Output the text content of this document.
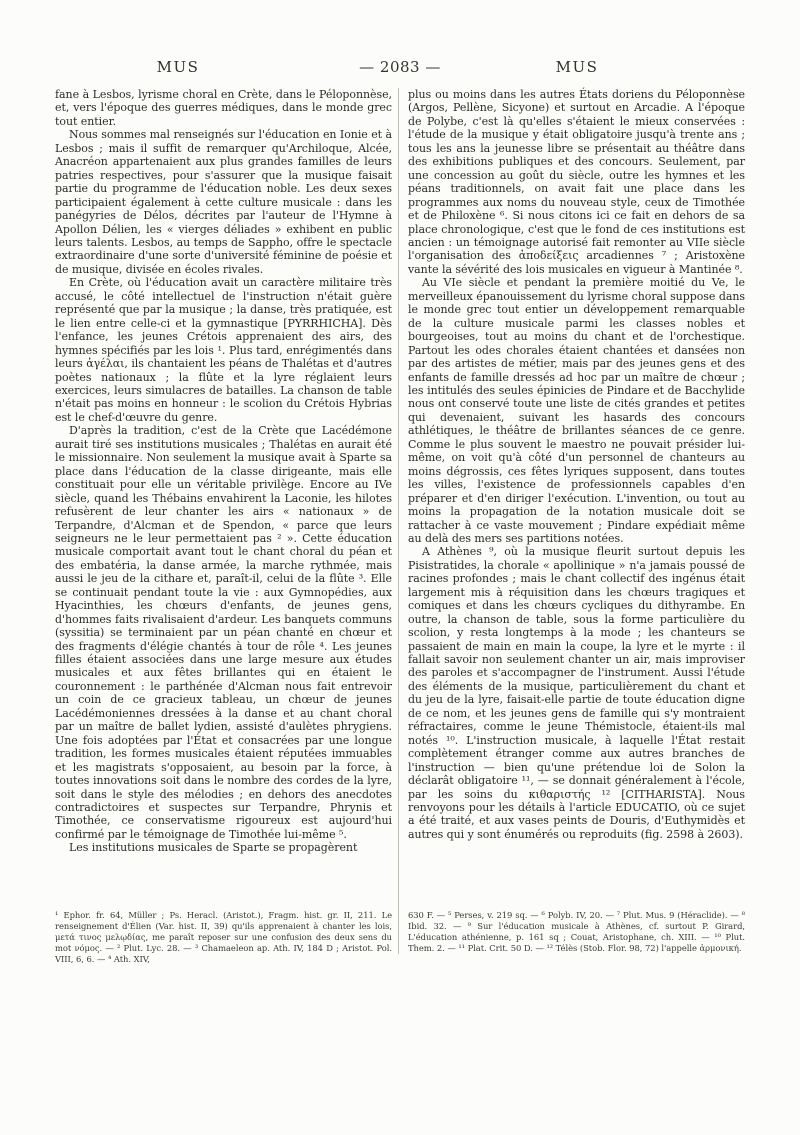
MUS	— 2083 —	MUS

fane à Lesbos, lyrisme choral en Crète, dans le Péloponnèse, et, vers l'époque des guerres médiques, dans le monde grec tout entier.

Nous sommes mal renseignés sur l'éducation en Ionie et à Lesbos ; mais il suffit de remarquer qu'Archiloque, Alcée, Anacréon appartenaient aux plus grandes familles de leurs patries respectives, pour s'assurer que la musique faisait partie du programme de l'éducation noble. Les deux sexes participaient également à cette culture musicale : dans les panégyries de Délos, décrites par l'auteur de l'Hymne à Apollon Délien, les « vierges déliades » exhibent en public leurs talents. Lesbos, au temps de Sappho, offre le spectacle extraordinaire d'une sorte d'université féminine de poésie et de musique, divisée en écoles rivales.

En Crète, où l'éducation avait un caractère militaire très accusé, le côté intellectuel de l'instruction n'était guère représenté que par la musique ; la danse, très pratiquée, est le lien entre celle-ci et la gymnastique [PYRRHICHA]. Dès l'enfance, les jeunes Crétois apprenaient des airs, des hymnes spécifiés par les lois ¹. Plus tard, enrégimentés dans leurs ἀγέλαι, ils chantaient les péans de Thalétas et d'autres poètes nationaux ; la flûte et la lyre réglaient leurs exercices, leurs simulacres de batailles. La chanson de table n'était pas moins en honneur : le scolion du Crétois Hybrias est le chef-d'œuvre du genre.

D'après la tradition, c'est de la Crète que Lacédémone aurait tiré ses institutions musicales ; Thalétas en aurait été le missionnaire. Non seulement la musique avait à Sparte sa place dans l'éducation de la classe dirigeante, mais elle constituait pour elle un véritable privilège. Encore au IVe siècle, quand les Thébains envahirent la Laconie, les hilotes refusèrent de leur chanter les airs « nationaux » de Terpandre, d'Alcman et de Spendon, « parce que leurs seigneurs ne le leur permettaient pas ² ». Cette éducation musicale comportait avant tout le chant choral du péan et des embatéria, la danse armée, la marche rythmée, mais aussi le jeu de la cithare et, paraît-il, celui de la flûte ³. Elle se continuait pendant toute la vie : aux Gymnopédies, aux Hyacinthies, les chœurs d'enfants, de jeunes gens, d'hommes faits rivalisaient d'ardeur. Les banquets communs (syssitia) se terminaient par un péan chanté en chœur et des fragments d'élégie chantés à tour de rôle ⁴. Les jeunes filles étaient associées dans une large mesure aux études musicales et aux fêtes brillantes qui en étaient le couronnement : le parthénée d'Alcman nous fait entrevoir un coin de ce gracieux tableau, un chœur de jeunes Lacédémoniennes dressées à la danse et au chant choral par un maître de ballet lydien, assisté d'aulètes phrygiens. Une fois adoptées par l'État et consacrées par une longue tradition, les formes musicales étaient réputées immuables et les magistrats s'opposaient, au besoin par la force, à toutes innovations soit dans le nombre des cordes de la lyre, soit dans le style des mélodies ; en dehors des anecdotes contradictoires et suspectes sur Terpandre, Phrynis et Timothée, ce conservatisme rigoureux est aujourd'hui confirmé par le témoignage de Timothée lui-même ⁵.

Les institutions musicales de Sparte se propagèrent

plus ou moins dans les autres États doriens du Péloponnèse (Argos, Pellène, Sicyone) et surtout en Arcadie. A l'époque de Polybe, c'est là qu'elles s'étaient le mieux conservées : l'étude de la musique y était obligatoire jusqu'à trente ans ; tous les ans la jeunesse libre se présentait au théâtre dans des exhibitions publiques et des concours. Seulement, par une concession au goût du siècle, outre les hymnes et les péans traditionnels, on avait fait une place dans les programmes aux noms du nouveau style, ceux de Timothée et de Philoxène ⁶. Si nous citons ici ce fait en dehors de sa place chronologique, c'est que le fond de ces institutions est ancien : un témoignage autorisé fait remonter au VIIe siècle l'organisation des ἀποδείξεις arcadiennes ⁷ ; Aristoxène vante la sévérité des lois musicales en vigueur à Mantinée ⁸.

Au VIe siècle et pendant la première moitié du Ve, le merveilleux épanouissement du lyrisme choral suppose dans le monde grec tout entier un développement remarquable de la culture musicale parmi les classes nobles et bourgeoises, tout au moins du chant et de l'orchestique. Partout les odes chorales étaient chantées et dansées non par des artistes de métier, mais par des jeunes gens et des enfants de famille dressés ad hoc par un maître de chœur ; les intitulés des seules épinicies de Pindare et de Bacchylide nous ont conservé toute une liste de cités grandes et petites qui devenaient, suivant les hasards des concours athlétiques, le théâtre de brillantes séances de ce genre. Comme le plus souvent le maestro ne pouvait présider lui-même, on voit qu'à côté d'un personnel de chanteurs au moins dégrossis, ces fêtes lyriques supposent, dans toutes les villes, l'existence de professionnels capables d'en préparer et d'en diriger l'exécution. L'invention, ou tout au moins la propagation de la notation musicale doit se rattacher à ce vaste mouvement ; Pindare expédiait même au delà des mers ses partitions notées.

A Athènes ⁹, où la musique fleurit surtout depuis les Pisistratides, la chorale « apollinique » n'a jamais poussé de racines profondes ; mais le chant collectif des ingénus était largement mis à réquisition dans les chœurs tragiques et comiques et dans les chœurs cycliques du dithyrambe. En outre, la chanson de table, sous la forme particulière du scolion, y resta longtemps à la mode ; les chanteurs se passaient de main en main la coupe, la lyre et le myrte : il fallait savoir non seulement chanter un air, mais improviser des paroles et s'accompagner de l'instrument. Aussi l'étude des éléments de la musique, particulièrement du chant et du jeu de la lyre, faisait-elle partie de toute éducation digne de ce nom, et les jeunes gens de famille qui s'y montraient réfractaires, comme le jeune Thémistocle, étaient-ils mal notés ¹⁰. L'instruction musicale, à laquelle l'État restait complètement étranger comme aux autres branches de l'instruction — bien qu'une prétendue loi de Solon la déclarât obligatoire ¹¹, — se donnait généralement à l'école, par les soins du κιθαριστής ¹² [CITHARISTA]. Nous renvoyons pour les détails à l'article EDUCATIO, où ce sujet a été traité, et aux vases peints de Douris, d'Euthymidès et autres qui y sont énumérés ou reproduits (fig. 2598 à 2603).

¹ Ephor. fr. 64, Müller ; Ps. Heracl. (Aristot.), Fragm. hist. gr. II, 211. Le renseignement d'Élien (Var. hist. II, 39) qu'ils apprenaient à chanter les lois, μετά τινος μελῳδίας, me paraît reposer sur une confusion des deux sens du mot νόμος. — ² Plut. Lyc. 28. — ³ Chamaeleon ap. Ath. IV, 184 D ; Aristot. Pol. VIII, 6, 6. — ⁴ Ath. XIV,

630 F. — ⁵ Perses, v. 219 sq. — ⁶ Polyb. IV, 20. — ⁷ Plut. Mus. 9 (Héraclide). — ⁸ Ibid. 32. — ⁹ Sur l'éducation musicale à Athènes, cf. surtout P. Girard, L'éducation athénienne, p. 161 sq ; Couat, Aristophane, ch. XIII. — ¹⁰ Plut. Them. 2. — ¹¹ Plat. Crit. 50 D. — ¹² Télès (Stob. Flor. 98, 72) l'appelle ἁρμονική.
